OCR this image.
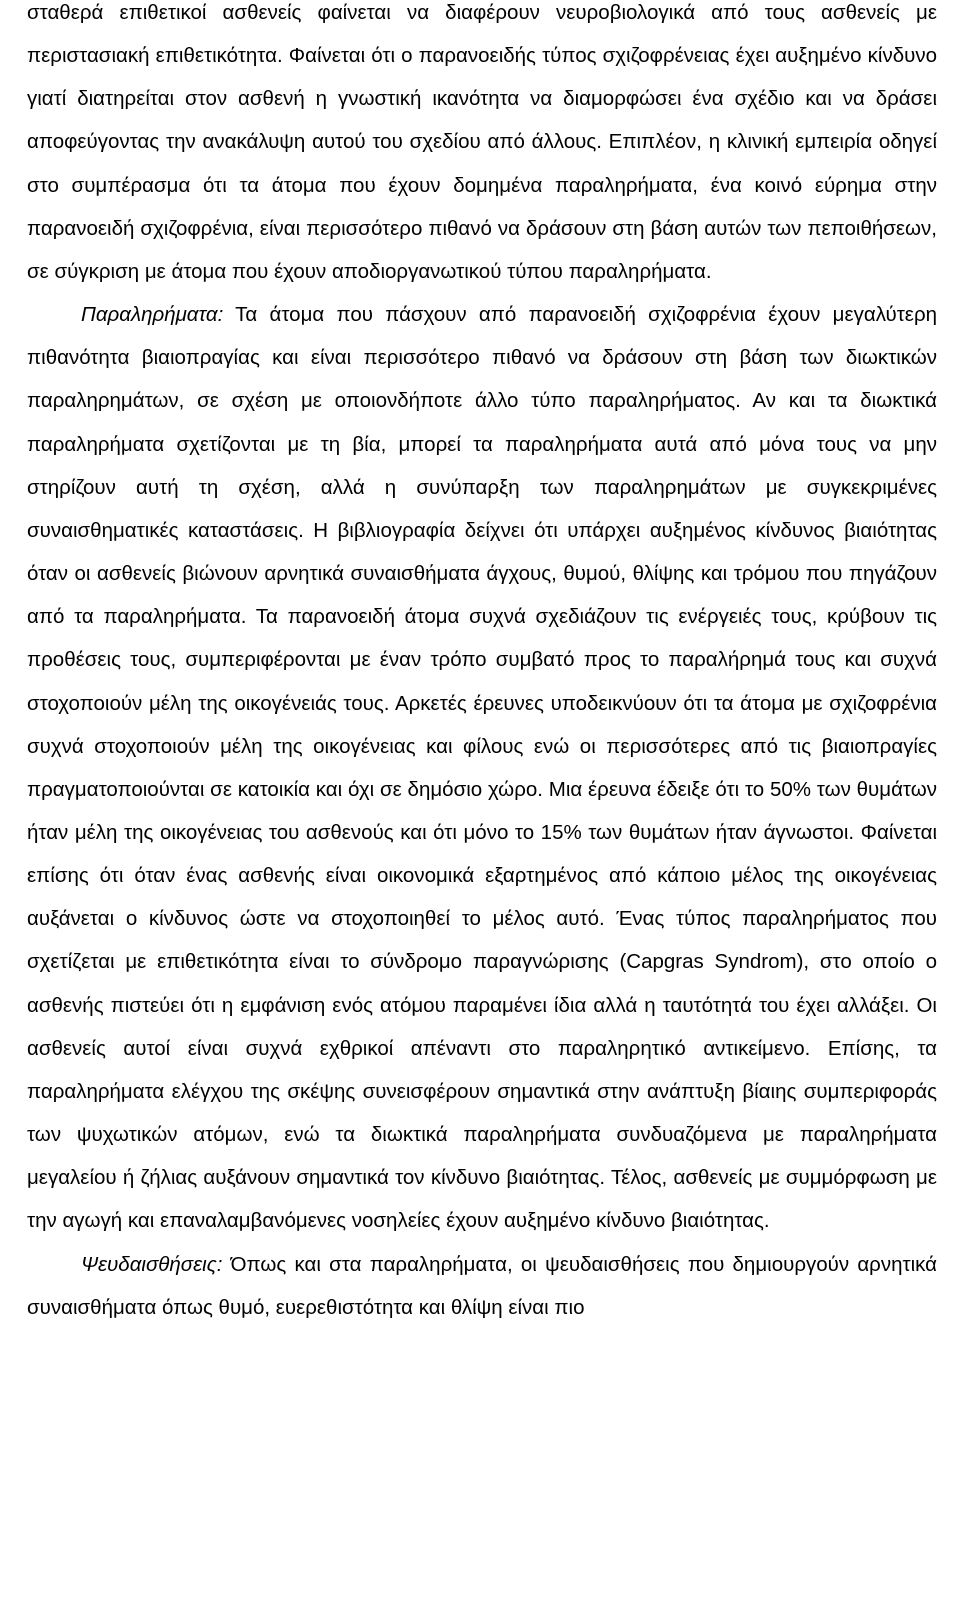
σταθερά επιθετικοί ασθενείς φαίνεται να διαφέρουν νευροβιολογικά από τους ασθενείς με περιστασιακή επιθετικότητα. Φαίνεται ότι ο παρανοειδής τύπος σχιζοφρένειας έχει αυξημένο κίνδυνο γιατί διατηρείται στον ασθενή η γνωστική ικανότητα να διαμορφώσει ένα σχέδιο και να δράσει αποφεύγοντας την ανακάλυψη αυτού του σχεδίου από άλλους. Επιπλέον, η κλινική εμπειρία οδηγεί στο συμπέρασμα ότι τα άτομα που έχουν δομημένα παραληρήματα, ένα κοινό εύρημα στην παρανοειδή σχιζοφρένια, είναι περισσότερο πιθανό να δράσουν στη βάση αυτών των πεποιθήσεων, σε σύγκριση με άτομα που έχουν αποδιοργανωτικού τύπου παραληρήματα.

Παραληρήματα: Τα άτομα που πάσχουν από παρανοειδή σχιζοφρένια έχουν μεγαλύτερη πιθανότητα βιαιοπραγίας και είναι περισσότερο πιθανό να δράσουν στη βάση των διωκτικών παραληρημάτων, σε σχέση με οποιονδήποτε άλλο τύπο παραληρήματος. Αν και τα διωκτικά παραληρήματα σχετίζονται με τη βία, μπορεί τα παραληρήματα αυτά από μόνα τους να μην στηρίζουν αυτή τη σχέση, αλλά η συνύπαρξη των παραληρημάτων με συγκεκριμένες συναισθηματικές καταστάσεις. Η βιβλιογραφία δείχνει ότι υπάρχει αυξημένος κίνδυνος βιαιότητας όταν οι ασθενείς βιώνουν αρνητικά συναισθήματα άγχους, θυμού, θλίψης και τρόμου που πηγάζουν από τα παραληρήματα. Τα παρανοειδή άτομα συχνά σχεδιάζουν τις ενέργειές τους, κρύβουν τις προθέσεις τους, συμπεριφέρονται με έναν τρόπο συμβατό προς το παραλήρημά τους και συχνά στοχοποιούν μέλη της οικογένειάς τους. Αρκετές έρευνες υποδεικνύουν ότι τα άτομα με σχιζοφρένια συχνά στοχοποιούν μέλη της οικογένειας και φίλους ενώ οι περισσότερες από τις βιαιοπραγίες πραγματοποιούνται σε κατοικία και όχι σε δημόσιο χώρο. Μια έρευνα έδειξε ότι το 50% των θυμάτων ήταν μέλη της οικογένειας του ασθενούς και ότι μόνο το 15% των θυμάτων ήταν άγνωστοι. Φαίνεται επίσης ότι όταν ένας ασθενής είναι οικονομικά εξαρτημένος από κάποιο μέλος της οικογένειας αυξάνεται ο κίνδυνος ώστε να στοχοποιηθεί το μέλος αυτό. Ένας τύπος παραληρήματος που σχετίζεται με επιθετικότητα είναι το σύνδρομο παραγνώρισης (Capgras Syndrom), στο οποίο ο ασθενής πιστεύει ότι η εμφάνιση ενός ατόμου παραμένει ίδια αλλά η ταυτότητά του έχει αλλάξει. Οι ασθενείς αυτοί είναι συχνά εχθρικοί απέναντι στο παραληρητικό αντικείμενο. Επίσης, τα παραληρήματα ελέγχου της σκέψης συνεισφέρουν σημαντικά στην ανάπτυξη βίαιης συμπεριφοράς των ψυχωτικών ατόμων, ενώ τα διωκτικά παραληρήματα συνδυαζόμενα με παραληρήματα μεγαλείου ή ζήλιας αυξάνουν σημαντικά τον κίνδυνο βιαιότητας. Τέλος, ασθενείς με συμμόρφωση με την αγωγή και επαναλαμβανόμενες νοσηλείες έχουν αυξημένο κίνδυνο βιαιότητας.

Ψευδαισθήσεις: Όπως και στα παραληρήματα, οι ψευδαισθήσεις που δημιουργούν αρνητικά συναισθήματα όπως θυμό, ευερεθιστότητα και θλίψη είναι πιο
